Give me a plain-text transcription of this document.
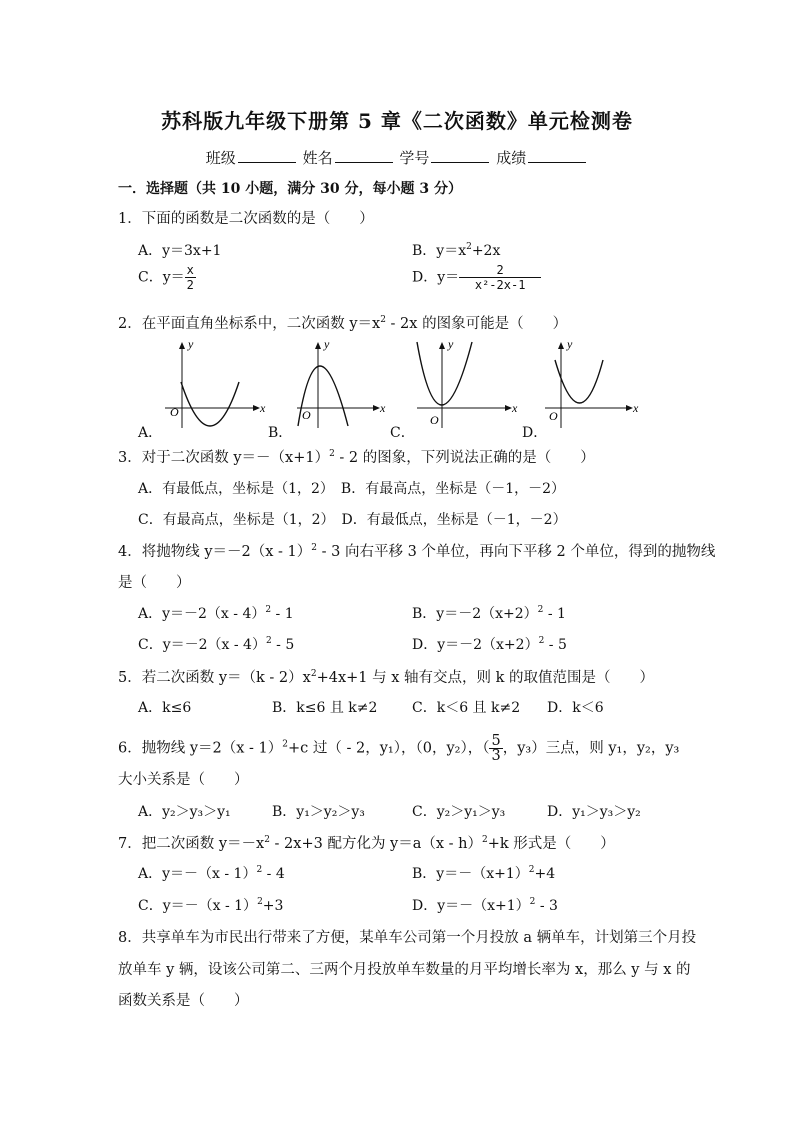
苏科版九年级下册第 5 章《二次函数》单元检测卷
班级	姓名	学号	成绩
一．选择题（共 10 小题，满分 30 分，每小题 3 分）
1．下面的函数是二次函数的是（　　）
A．y＝3x+1	B．$y=x^2+2x$
C．$y= \frac{x}{2}$	D．$y= \frac{2}{\text{x²-2x-1}}$
2．在平面直角坐标系中，二次函数 $y=x^2 - 2x$ 的图象可能是（　　）
x
y
O
A．
x
y
O
B．
x
y
O
C．
x
y
O
D．
3．对于二次函数 $y=-(x+1)^2 - 2$ 的图象，下列说法正确的是（　　）
A．有最低点，坐标是（1，2）　B．有最高点，坐标是（－1，－2）
C．有最高点，坐标是（1，2）　D．有最低点，坐标是（－1，－2）
4．将抛物线 y＝－2（x - 1）$^2$ - 3 向右平移 3 个单位，再向下平移 2 个单位，得到的抛物线
是（　　）
A．y＝－2（x - 4）$^2$ - 1	B．$y=-2(x+2)^2 - 1$
C．y＝－2（x - 4）$^2$ - 5	D．$y=-2(x+2)^2 - 5$
5．若二次函数 $y=(k - 2)x^2+4x+1$ 与 x 轴有交点，则 k 的取值范围是（　　）
A．k≤6	B．k≤6 且 k≠2 C．k＜6 且 k≠2 D．k＜6
6．抛物线 y＝2（x - 1）$^2$+c 过（ - 2，y₁），（0，y₂），（ $\frac{5}{3}$ ，y₃）三点，则 y₁，y₂，y₃
大小关系是（　　）
A．y₂＞y₃＞y₁	B．y₁＞y₂＞y₃	C．y₂＞y₁＞y₃	D．y₁＞y₃＞y₂
7．把二次函数 $y=-x^2 - 2x+3$ 配方化为 y＝a（x - h）$^2$+k 形式是（　　）
A．y＝－（x - 1）$^2$ - 4	B．$y=-(x+1)^2+4$
C．y＝－（x - 1）$^2$+3	D．$y=-(x+1)^2 - 3$
8．共享单车为市民出行带来了方便，某单车公司第一个月投放 a 辆单车，计划第三个月投
放单车 y 辆，设该公司第二、三两个月投放单车数量的月平均增长率为 x，那么 y 与 x 的
函数关系是（　　）
